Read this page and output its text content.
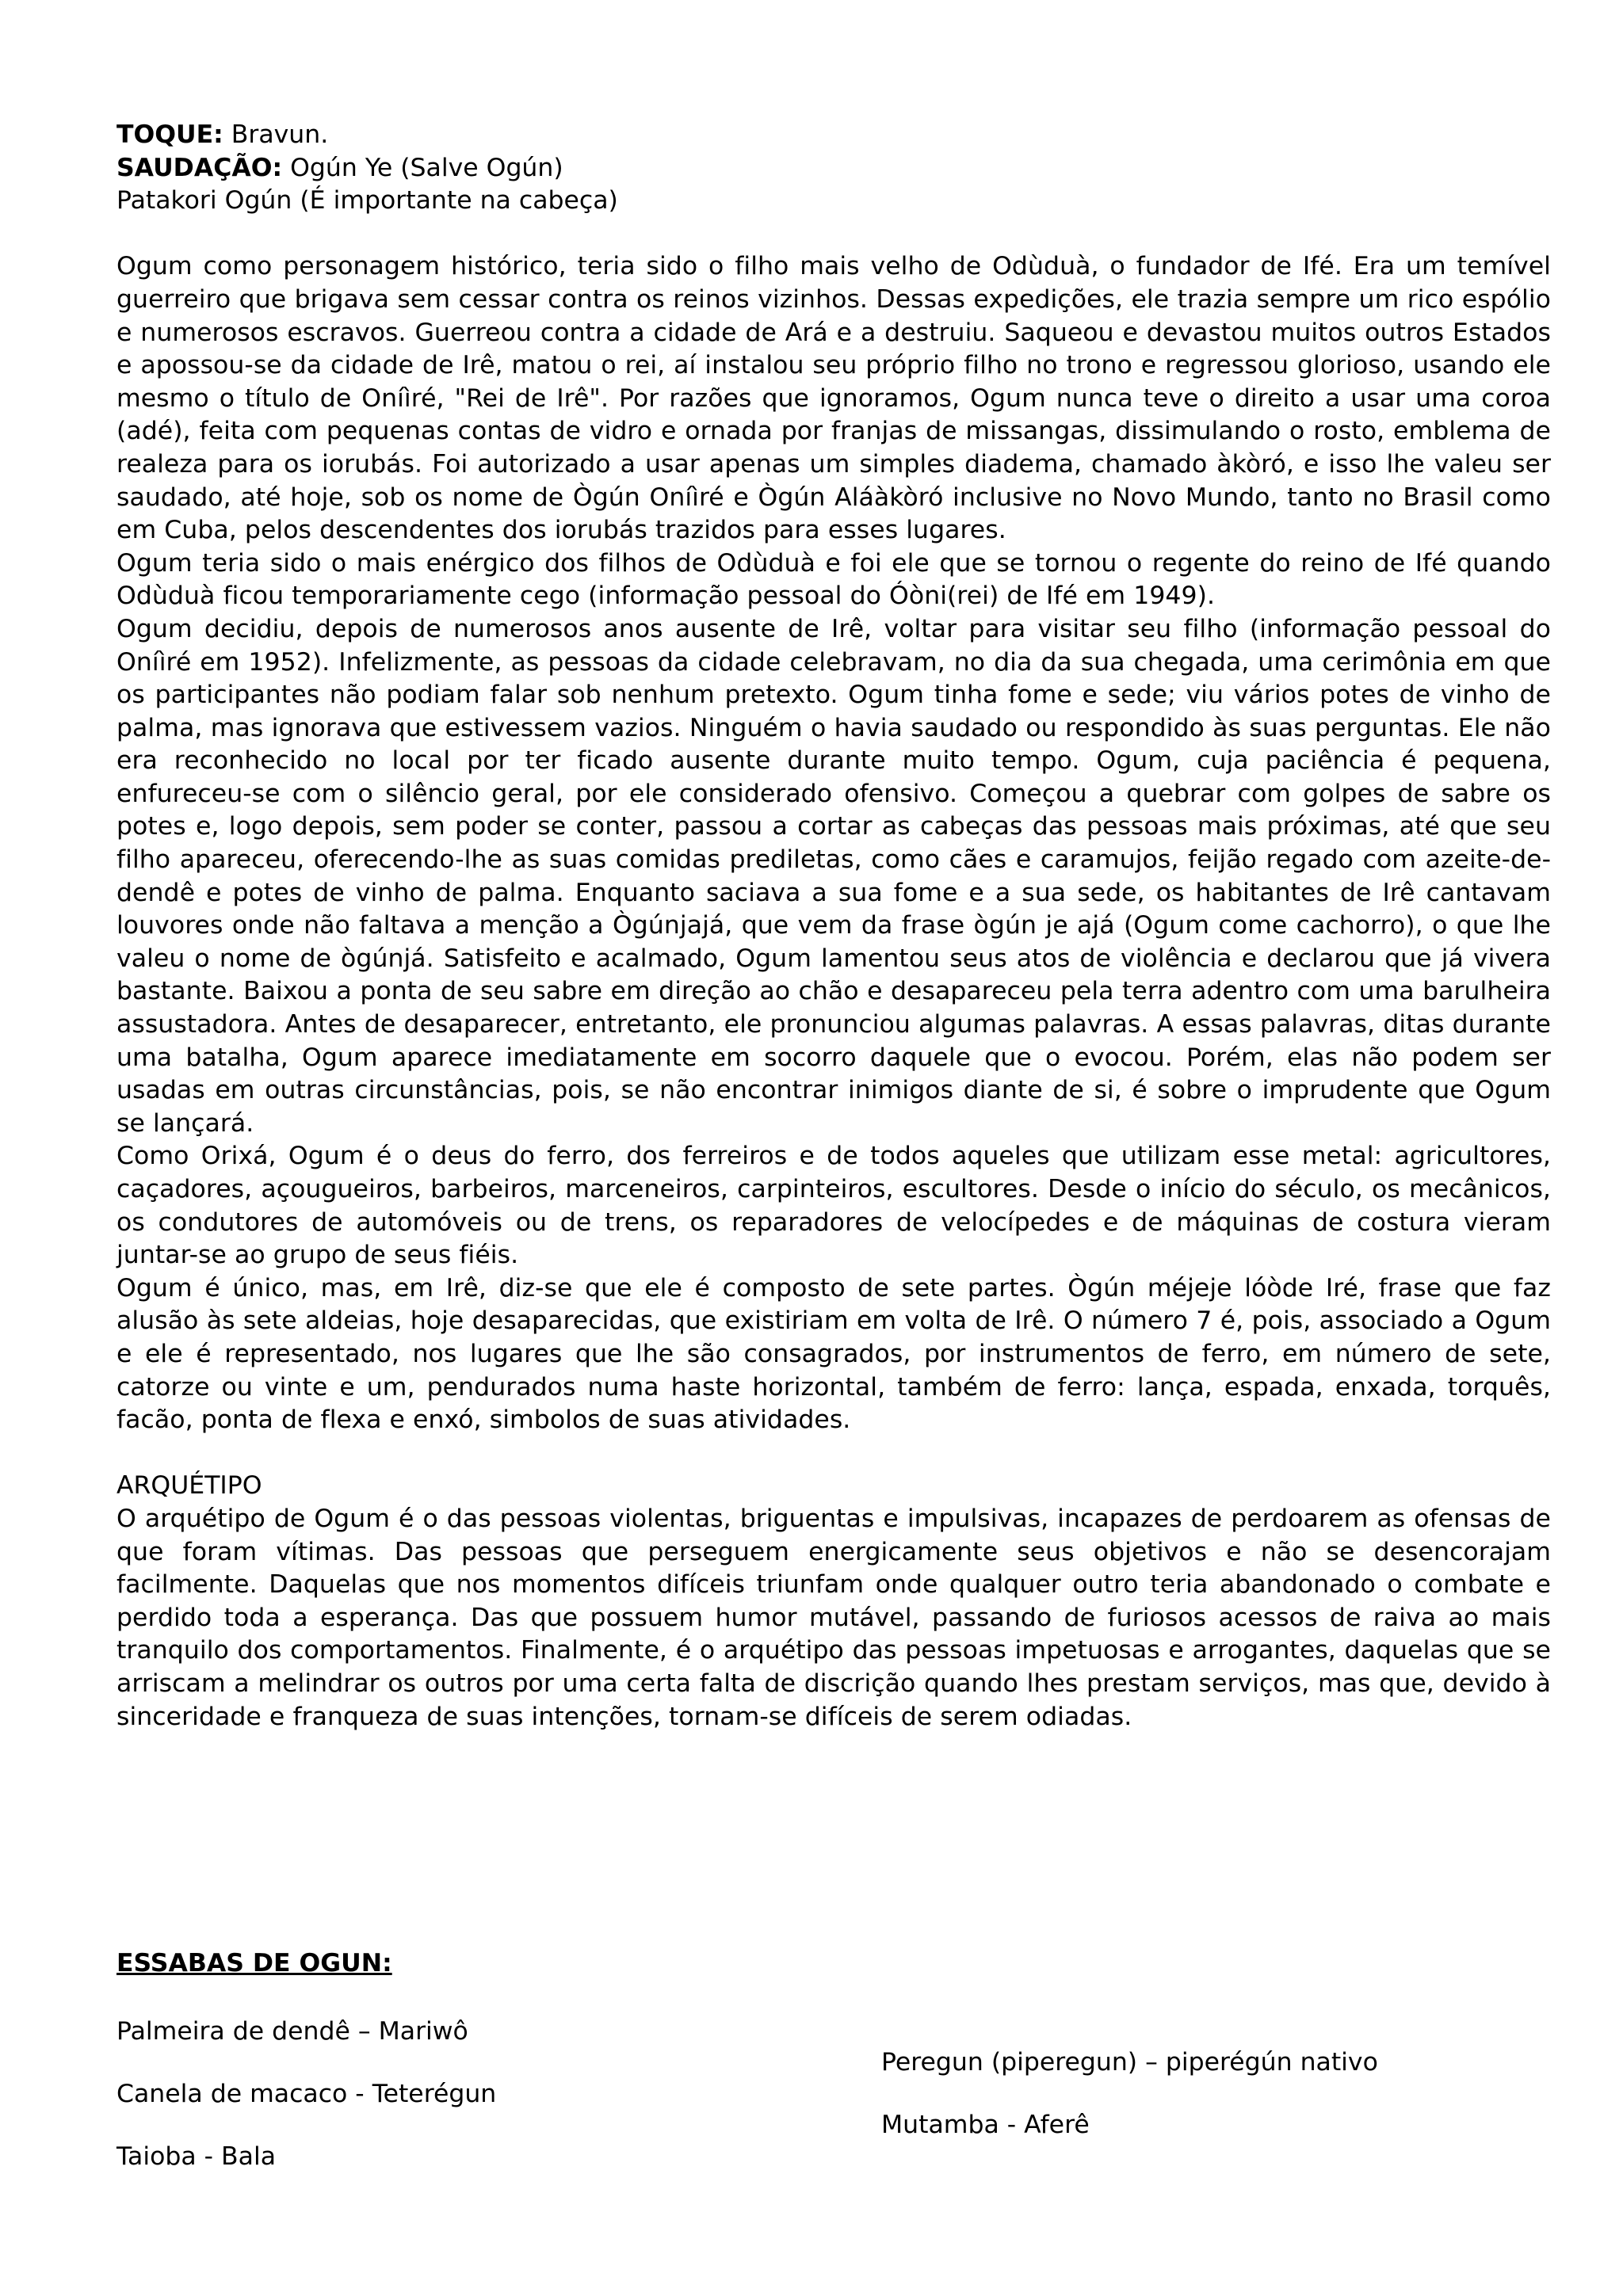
TOQUE: Bravun.

SAUDAÇÃO: Ogún Ye (Salve Ogún)

Patakori Ogún (É importante na cabeça)

Ogum como personagem histórico, teria sido o filho mais velho de Odùduà, o fundador de Ifé. Era um temível guerreiro que brigava sem cessar contra os reinos vizinhos. Dessas expedições, ele trazia sempre um rico espólio e numerosos escravos. Guerreou contra a cidade de Ará e a destruiu. Saqueou e devastou muitos outros Estados e apossou-se da cidade de Irê, matou o rei, aí instalou seu próprio filho no trono e regressou glorioso, usando ele mesmo o título de Oníìré, "Rei de Irê". Por razões que ignoramos, Ogum nunca teve o direito a usar uma coroa (adé), feita com pequenas contas de vidro e ornada por franjas de missangas, dissimulando o rosto, emblema de realeza para os iorubás. Foi autorizado a usar apenas um simples diadema, chamado àkòró, e isso lhe valeu ser saudado, até hoje, sob os nome de Ògún Oníìré e Ògún Aláàkòró inclusive no Novo Mundo, tanto no Brasil como em Cuba, pelos descendentes dos iorubás trazidos para esses lugares.

Ogum teria sido o mais enérgico dos filhos de Odùduà e foi ele que se tornou o regente do reino de Ifé quando Odùduà ficou temporariamente cego (informação pessoal do Óòni(rei) de Ifé em 1949).

Ogum decidiu, depois de numerosos anos ausente de Irê, voltar para visitar seu filho (informação pessoal do Oníìré em 1952). Infelizmente, as pessoas da cidade celebravam, no dia da sua chegada, uma cerimônia em que os participantes não podiam falar sob nenhum pretexto. Ogum tinha fome e sede; viu vários potes de vinho de palma, mas ignorava que estivessem vazios. Ninguém o havia saudado ou respondido às suas perguntas. Ele não era reconhecido no local por ter ficado ausente durante muito tempo. Ogum, cuja paciência é pequena, enfureceu-se com o silêncio geral, por ele considerado ofensivo. Começou a quebrar com golpes de sabre os potes e, logo depois, sem poder se conter, passou a cortar as cabeças das pessoas mais próximas, até que seu filho apareceu, oferecendo-lhe as suas comidas prediletas, como cães e caramujos, feijão regado com azeite-de-dendê e potes de vinho de palma. Enquanto saciava a sua fome e a sua sede, os habitantes de Irê cantavam louvores onde não faltava a menção a Ògúnjajá, que vem da frase ògún je ajá (Ogum come cachorro), o que lhe valeu o nome de ògúnjá. Satisfeito e acalmado, Ogum lamentou seus atos de violência e declarou que já vivera bastante. Baixou a ponta de seu sabre em direção ao chão e desapareceu pela terra adentro com uma barulheira assustadora. Antes de desaparecer, entretanto, ele pronunciou algumas palavras. A essas palavras, ditas durante uma batalha, Ogum aparece imediatamente em socorro daquele que o evocou. Porém, elas não podem ser usadas em outras circunstâncias, pois, se não encontrar inimigos diante de si, é sobre o imprudente que Ogum se lançará.

Como Orixá, Ogum é o deus do ferro, dos ferreiros e de todos aqueles que utilizam esse metal: agricultores, caçadores, açougueiros, barbeiros, marceneiros, carpinteiros, escultores. Desde o início do século, os mecânicos, os condutores de automóveis ou de trens, os reparadores de velocípedes e de máquinas de costura vieram juntar-se ao grupo de seus fiéis.

Ogum é único, mas, em Irê, diz-se que ele é composto de sete partes. Ògún méjeje lóòde Iré, frase que faz alusão às sete aldeias, hoje desaparecidas, que existiriam em volta de Irê. O número 7 é, pois, associado a Ogum e ele é representado, nos lugares que lhe são consagrados, por instrumentos de ferro, em número de sete, catorze ou vinte e um, pendurados numa haste horizontal, também de ferro: lança, espada, enxada, torquês, facão, ponta de flexa e enxó, simbolos de suas atividades.

ARQUÉTIPO

O arquétipo de Ogum é o das pessoas violentas, briguentas e impulsivas, incapazes de perdoarem as ofensas de que foram vítimas. Das pessoas que perseguem energicamente seus objetivos e não se desencorajam facilmente. Daquelas que nos momentos difíceis triunfam onde qualquer outro teria abandonado o combate e perdido toda a esperança. Das que possuem humor mutável, passando de furiosos acessos de raiva ao mais tranquilo dos comportamentos. Finalmente, é o arquétipo das pessoas impetuosas e arrogantes, daquelas que se arriscam a melindrar os outros por uma certa falta de discrição quando lhes prestam serviços, mas que, devido à sinceridade e franqueza de suas intenções, tornam-se difíceis de serem odiadas.

ESSABAS DE OGUN:

Palmeira de dendê – Mariwô

Canela de macaco - Teterégun

Taioba - Bala

Peregun (piperegun) – piperégún nativo

Mutamba - Aferê
